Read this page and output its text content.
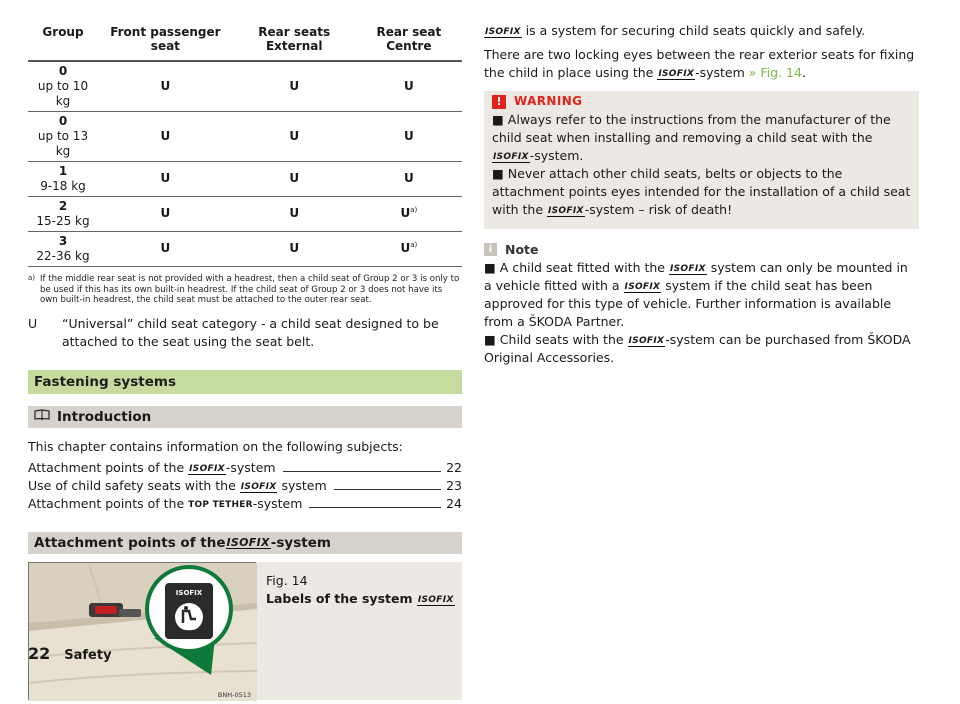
Group	Front passenger seat	Rear seats External	Rear seat Centre

0
up to 10 kg	U	U	U

0
up to 13 kg	U	U	U

1
9-18 kg	U	U	U

2
15-25 kg	U	U	$U^{a)}$

3
22-36 kg	U	U	$U^{a)}$
a) If the middle rear seat is not provided with a headrest, then a child seat of Group 2 or 3 is only to be used if this has its own built-in headrest. If the child seat of Group 2 or 3 does not have its own built-in headrest, the child seat must be attached to the outer rear seat.
U	“Universal” child seat category - a child seat designed to be attached to the seat using the seat belt.
Fastening systems
Introduction
This chapter contains information on the following subjects:
Attachment points of the ISOFIX-system	22
Use of child safety seats with the ISOFIX system	23
Attachment points of the TOP TETHER-system	24
Attachment points of the ISOFIX -system
ISOFIX
BNH-0513
Fig. 14
Labels of the system ISOFIX
ISOFIX is a system for securing child seats quickly and safely.
There are two locking eyes between the rear exterior seats for fixing the child in place using the ISOFIX-system » Fig. 14.
!	WARNING
■ Always refer to the instructions from the manufacturer of the child seat when installing and removing a child seat with the ISOFIX-system.
■ Never attach other child seats, belts or objects to the attachment points eyes intended for the installation of a child seat with the ISOFIX-system – risk of death!
i	Note
■ A child seat fitted with the ISOFIX system can only be mounted in a vehicle fitted with a ISOFIX system if the child seat has been approved for this type of vehicle. Further information is available from a ŠKODA Partner.
■ Child seats with the ISOFIX-system can be purchased from ŠKODA Original Accessories.
22 Safety
